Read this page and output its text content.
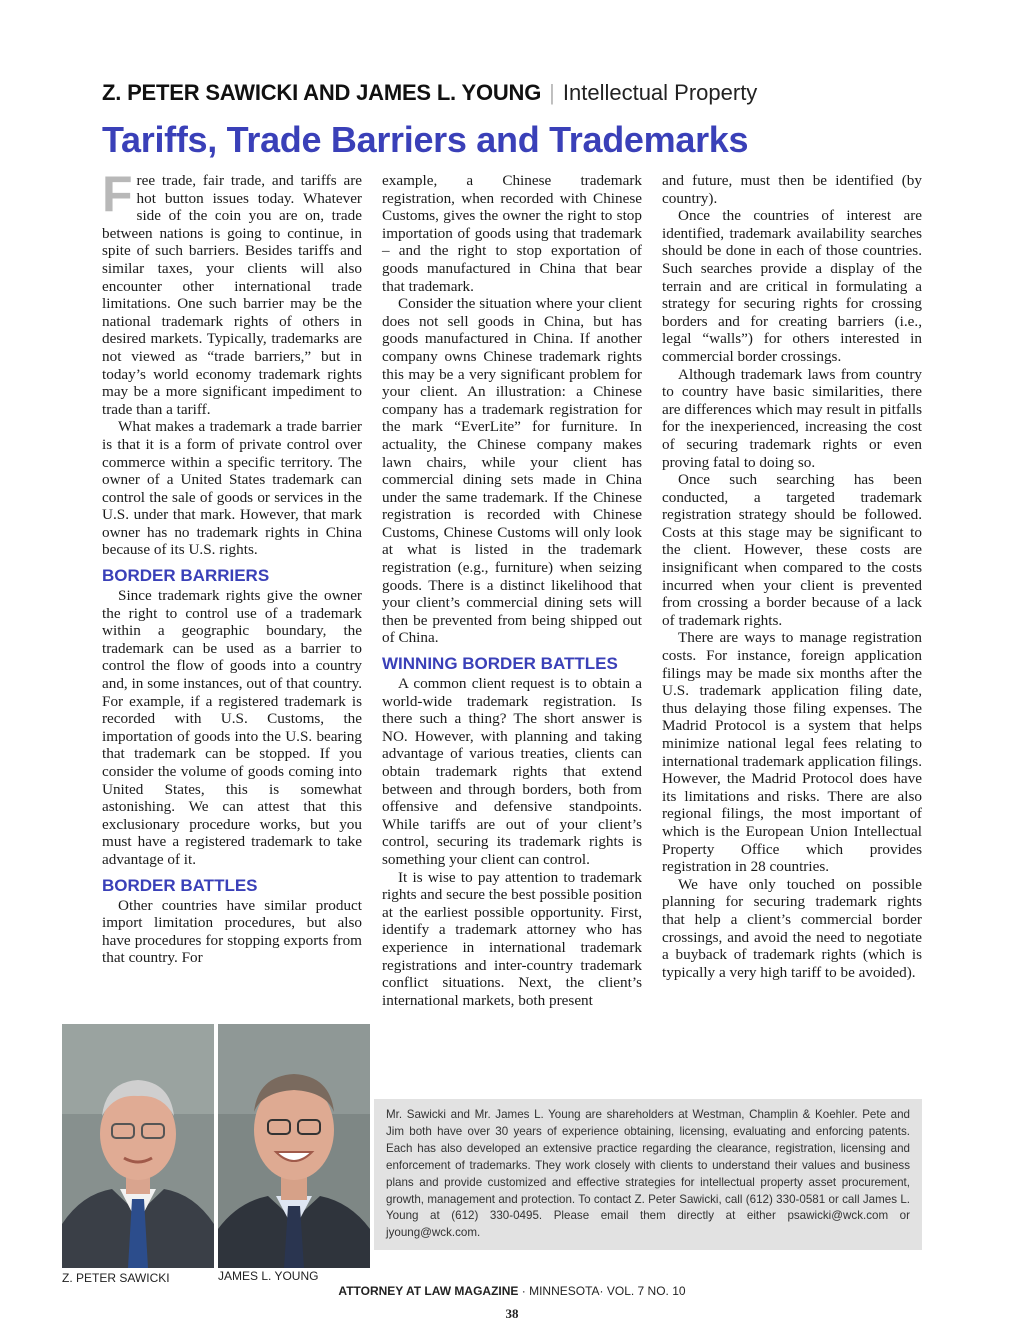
Z. PETER SAWICKI AND JAMES L. YOUNG | Intellectual Property
Tariffs, Trade Barriers and Trademarks

Free trade, fair trade, and tariffs are hot button issues today. Whatever side of the coin you are on, trade between nations is going to continue, in spite of such barriers. Besides tariffs and similar taxes, your clients will also encounter other international trade limitations. One such barrier may be the national trademark rights of others in desired markets. Typically, trademarks are not viewed as “trade barriers,” but in today’s world economy trademark rights may be a more significant impediment to trade than a tariff.

What makes a trademark a trade barrier is that it is a form of private control over commerce within a specific territory. The owner of a United States trademark can control the sale of goods or services in the U.S. under that mark. However, that mark owner has no trademark rights in China because of its U.S. rights.

BORDER BARRIERS

Since trademark rights give the owner the right to control use of a trademark within a geographic boundary, the trademark can be used as a barrier to control the flow of goods into a country and, in some instances, out of that country. For example, if a registered trademark is recorded with U.S. Customs, the importation of goods into the U.S. bearing that trademark can be stopped. If you consider the volume of goods coming into United States, this is somewhat astonishing. We can attest that this exclusionary procedure works, but you must have a registered trademark to take advantage of it.

BORDER BATTLES

Other countries have similar product import limitation procedures, but also have procedures for stopping exports from that country. For

example, a Chinese trademark registration, when recorded with Chinese Customs, gives the owner the right to stop importation of goods using that trademark – and the right to stop exportation of goods manufactured in China that bear that trademark.

Consider the situation where your client does not sell goods in China, but has goods manufactured in China. If another company owns Chinese trademark rights this may be a very significant problem for your client. An illustration: a Chinese company has a trademark registration for the mark “EverLite” for furniture. In actuality, the Chinese company makes lawn chairs, while your client has commercial dining sets made in China under the same trademark. If the Chinese registration is recorded with Chinese Customs, Chinese Customs will only look at what is listed in the trademark registration (e.g., furniture) when seizing goods. There is a distinct likelihood that your client’s commercial dining sets will then be prevented from being shipped out of China.

WINNING BORDER BATTLES

A common client request is to obtain a world-wide trademark registration. Is there such a thing? The short answer is NO. However, with planning and taking advantage of various treaties, clients can obtain trademark rights that extend between and through borders, both from offensive and defensive standpoints. While tariffs are out of your client’s control, securing its trademark rights is something your client can control.

It is wise to pay attention to trademark rights and secure the best possible position at the earliest possible opportunity. First, identify a trademark attorney who has experience in international trademark registrations and inter-country trademark conflict situations. Next, the client’s international markets, both present

and future, must then be identified (by country).

Once the countries of interest are identified, trademark availability searches should be done in each of those countries. Such searches provide a display of the terrain and are critical in formulating a strategy for securing rights for crossing borders and for creating barriers (i.e., legal “walls”) for others interested in commercial border crossings.

Although trademark laws from country to country have basic similarities, there are differences which may result in pitfalls for the inexperienced, increasing the cost of securing trademark rights or even proving fatal to doing so.

Once such searching has been conducted, a targeted trademark registration strategy should be followed. Costs at this stage may be significant to the client. However, these costs are insignificant when compared to the costs incurred when your client is prevented from crossing a border because of a lack of trademark rights.

There are ways to manage registration costs. For instance, foreign application filings may be made six months after the U.S. trademark application filing date, thus delaying those filing expenses. The Madrid Protocol is a system that helps minimize national legal fees relating to international trademark application filings. However, the Madrid Protocol does have its limitations and risks. There are also regional filings, the most important of which is the European Union Intellectual Property Office which provides registration in 28 countries.

We have only touched on possible planning for securing trademark rights that help a client’s commercial border crossings, and avoid the need to negotiate a buyback of trademark rights (which is typically a very high tariff to be avoided).

Z. PETER SAWICKI	JAMES L. YOUNG
Mr. Sawicki and Mr. James L. Young are shareholders at Westman, Champlin & Koehler. Pete and Jim both have over 30 years of experience obtaining, licensing, evaluating and enforcing patents. Each has also developed an extensive practice regarding the clearance, registration, licensing and enforcement of trademarks. They work closely with clients to understand their values and business plans and provide customized and effective strategies for intellectual property asset procurement, growth, management and protection. To contact Z. Peter Sawicki, call (612) 330-0581 or call James L. Young at (612) 330-0495. Please email them directly at either psawicki@wck.com or jyoung@wck.com.
ATTORNEY AT LAW MAGAZINE · MINNESOTA· VOL. 7 NO. 10
38
